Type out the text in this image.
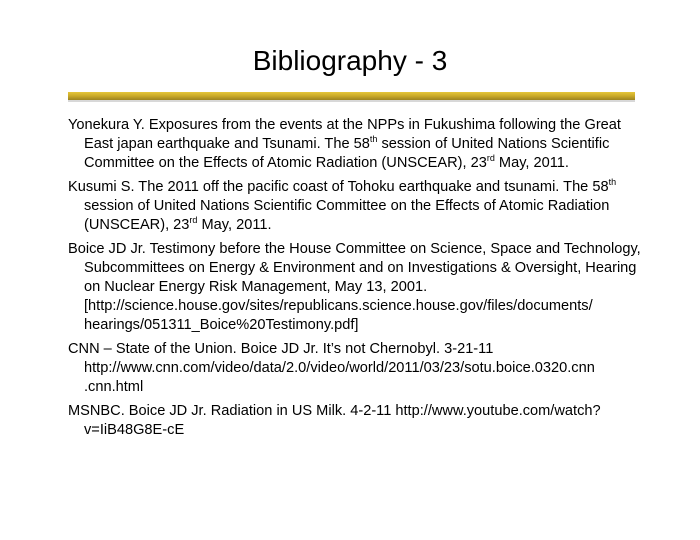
Bibliography - 3

Yonekura Y. Exposures from the events at the NPPs in Fukushima following the Great East japan earthquake and Tsunami. The 58th session of United Nations Scientific Committee on the Effects of Atomic Radiation (UNSCEAR), 23rd May, 2011.

Kusumi S. The 2011 off the pacific coast of Tohoku earthquake and tsunami. The 58th session of United Nations Scientific Committee on the Effects of Atomic Radiation (UNSCEAR), 23rd May, 2011.

Boice JD Jr. Testimony before the House Committee on Science, Space and Technology, Subcommittees on Energy & Environment and on Investigations & Oversight, Hearing on Nuclear Energy Risk Management, May 13, 2001. [http://science.house.gov/sites/republicans.science.house.gov/files/documents/ hearings/051311_Boice%20Testimony.pdf]

CNN – State of the Union. Boice JD Jr. It’s not Chernobyl. 3-21-11 http://www.cnn.com/video/data/2.0/video/world/2011/03/23/sotu.boice.0320.cnn .cnn.html

MSNBC. Boice JD Jr. Radiation in US Milk. 4-2-11 http://www.youtube.com/watch?v=IiB48G8E-cE
